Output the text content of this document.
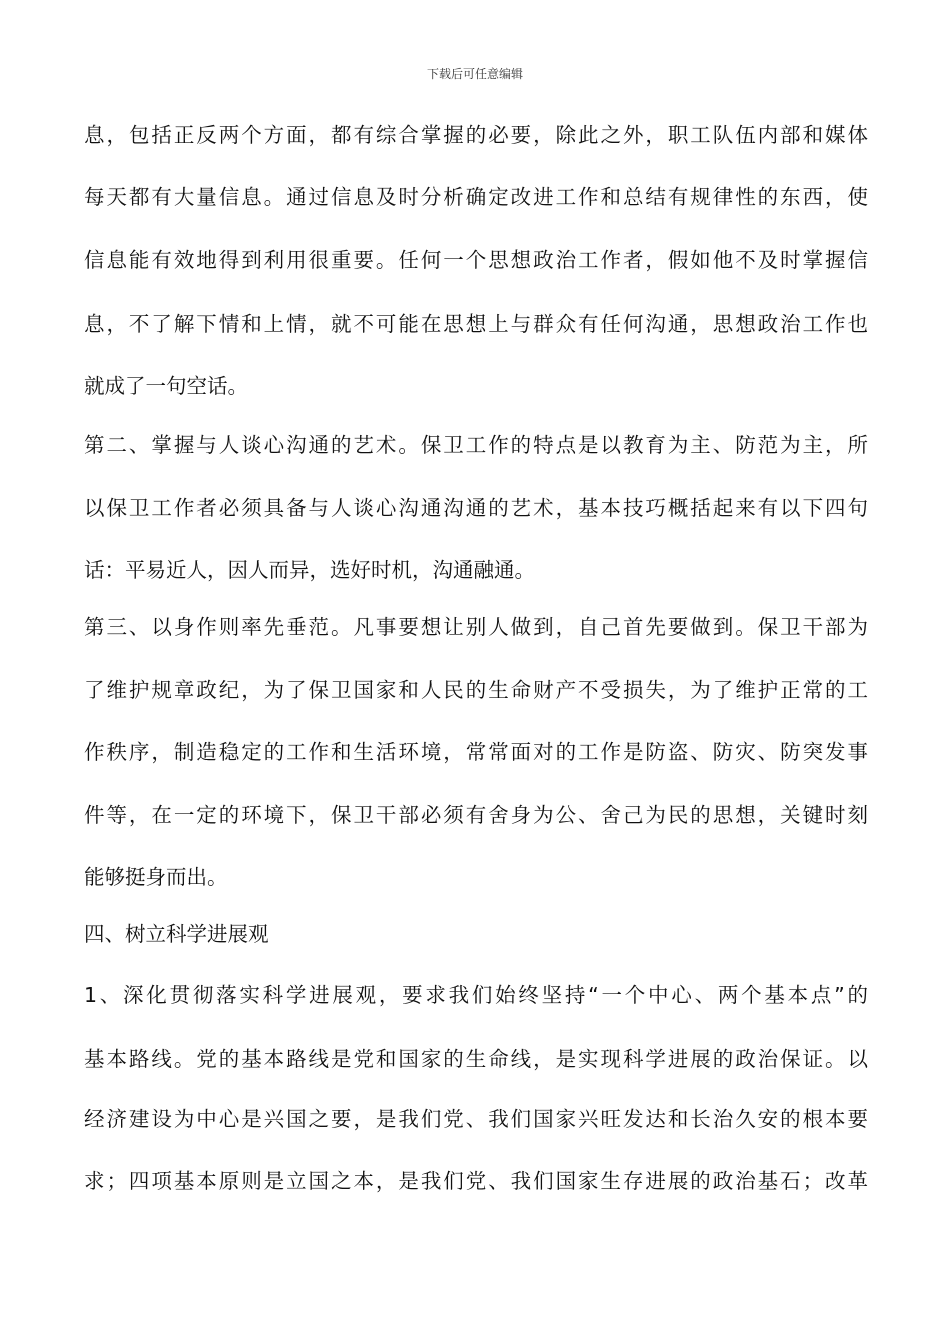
下载后可任意编辑
息，包括正反两个方面，都有综合掌握的必要，除此之外，职工队伍内部和媒体
每天都有大量信息。通过信息及时分析确定改进工作和总结有规律性的东西，使
信息能有效地得到利用很重要。任何一个思想政治工作者，假如他不及时掌握信
息，不了解下情和上情，就不可能在思想上与群众有任何沟通，思想政治工作也
就成了一句空话。
第二、掌握与人谈心沟通的艺术。保卫工作的特点是以教育为主、防范为主，所
以保卫工作者必须具备与人谈心沟通沟通的艺术，基本技巧概括起来有以下四句
话：平易近人，因人而异，选好时机，沟通融通。
第三、以身作则率先垂范。凡事要想让别人做到，自己首先要做到。保卫干部为
了维护规章政纪，为了保卫国家和人民的生命财产不受损失，为了维护正常的工
作秩序，制造稳定的工作和生活环境，常常面对的工作是防盗、防灾、防突发事
件等，在一定的环境下，保卫干部必须有舍身为公、舍己为民的思想，关键时刻
能够挺身而出。
四、树立科学进展观
1、深化贯彻落实科学进展观，要求我们始终坚持“一个中心、两个基本点”的
基本路线。党的基本路线是党和国家的生命线，是实现科学进展的政治保证。以
经济建设为中心是兴国之要，是我们党、我们国家兴旺发达和长治久安的根本要
求；四项基本原则是立国之本，是我们党、我们国家生存进展的政治基石；改革
